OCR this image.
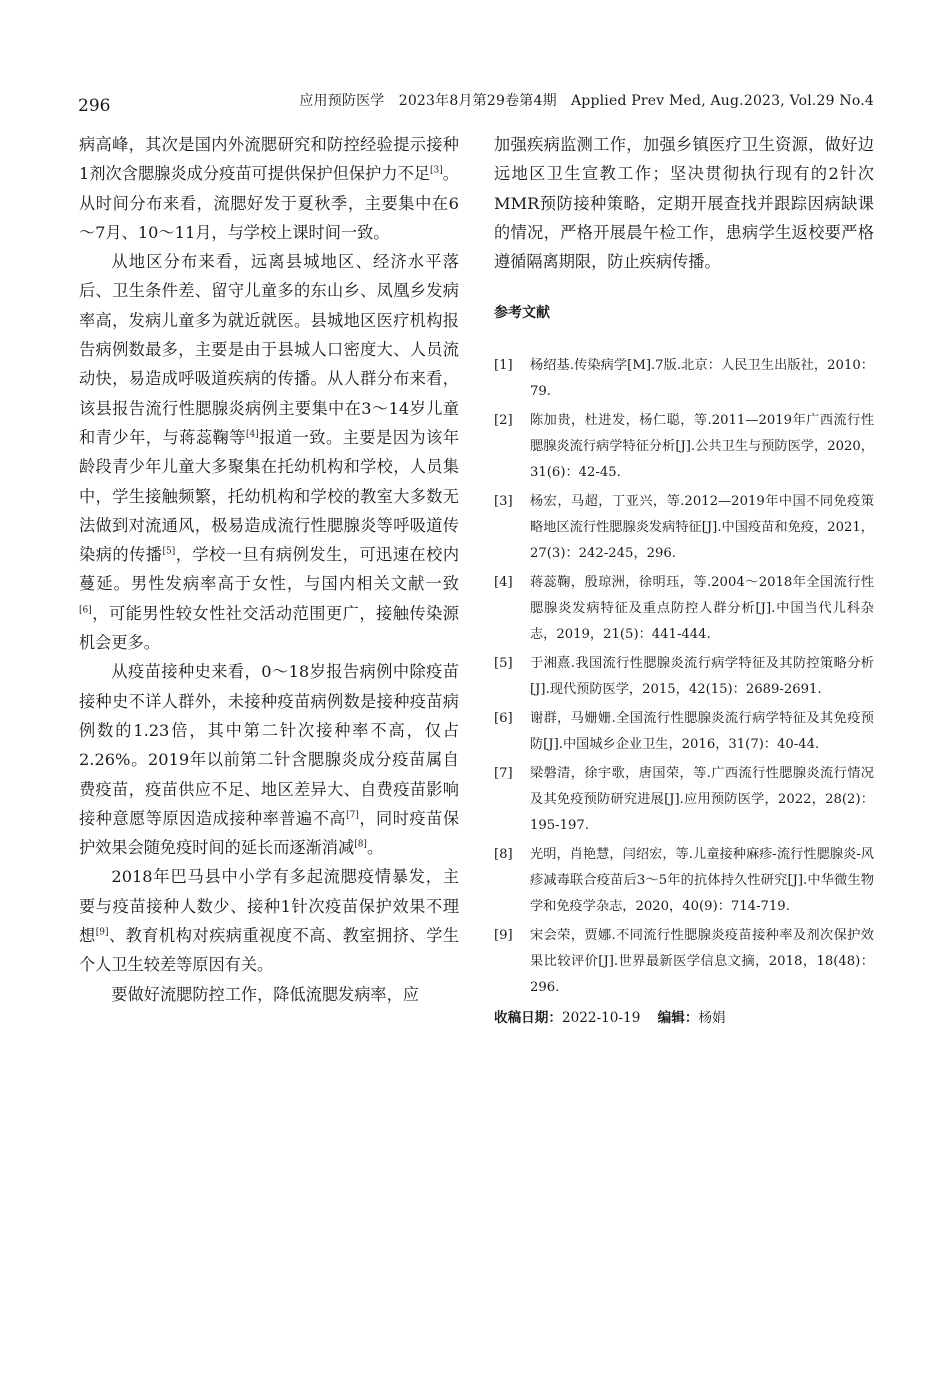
296	应用预防医学　2023年8月第29卷第4期　Applied Prev Med, Aug.2023, Vol.29 No.4

病高峰，其次是国内外流腮研究和防控经验提示接种1剂次含腮腺炎成分疫苗可提供保护但保护力不足[3]。从时间分布来看，流腮好发于夏秋季，主要集中在6～7月、10～11月，与学校上课时间一致。

从地区分布来看，远离县城地区、经济水平落后、卫生条件差、留守儿童多的东山乡、凤凰乡发病率高，发病儿童多为就近就医。县城地区医疗机构报告病例数最多，主要是由于县城人口密度大、人员流动快，易造成呼吸道疾病的传播。从人群分布来看，该县报告流行性腮腺炎病例主要集中在3～14岁儿童和青少年，与蒋蕊鞠等[4]报道一致。主要是因为该年龄段青少年儿童大多聚集在托幼机构和学校，人员集中，学生接触频繁，托幼机构和学校的教室大多数无法做到对流通风，极易造成流行性腮腺炎等呼吸道传染病的传播[5]，学校一旦有病例发生，可迅速在校内蔓延。男性发病率高于女性，与国内相关文献一致[6]，可能男性较女性社交活动范围更广，接触传染源机会更多。

从疫苗接种史来看，0～18岁报告病例中除疫苗接种史不详人群外，未接种疫苗病例数是接种疫苗病例数的1.23倍，其中第二针次接种率不高，仅占2.26%。2019年以前第二针含腮腺炎成分疫苗属自费疫苗，疫苗供应不足、地区差异大、自费疫苗影响接种意愿等原因造成接种率普遍不高[7]，同时疫苗保护效果会随免疫时间的延长而逐渐消减[8]。

2018年巴马县中小学有多起流腮疫情暴发，主要与疫苗接种人数少、接种1针次疫苗保护效果不理想[9]、教育机构对疾病重视度不高、教室拥挤、学生个人卫生较差等原因有关。

要做好流腮防控工作，降低流腮发病率，应

加强疾病监测工作，加强乡镇医疗卫生资源，做好边远地区卫生宣教工作；坚决贯彻执行现有的2针次MMR预防接种策略，定期开展查找并跟踪因病缺课的情况，严格开展晨午检工作，患病学生返校要严格遵循隔离期限，防止疾病传播。

参考文献
[1]	杨绍基.传染病学[M].7版.北京：人民卫生出版社，2010：79.
[2]	陈加贵，杜进发，杨仁聪，等.2011—2019年广西流行性腮腺炎流行病学特征分析[J].公共卫生与预防医学，2020，31(6)：42-45.
[3]	杨宏，马超，丁亚兴，等.2012—2019年中国不同免疫策略地区流行性腮腺炎发病特征[J].中国疫苗和免疫，2021，27(3)：242-245，296.
[4]	蒋蕊鞠，殷琼洲，徐明珏，等.2004～2018年全国流行性腮腺炎发病特征及重点防控人群分析[J].中国当代儿科杂志，2019，21(5)：441-444.
[5]	于湘熹.我国流行性腮腺炎流行病学特征及其防控策略分析[J].现代预防医学，2015，42(15)：2689-2691.
[6]	谢群，马姗姗.全国流行性腮腺炎流行病学特征及其免疫预防[J].中国城乡企业卫生，2016，31(7)：40-44.
[7]	梁磐清，徐宇歌，唐国荣，等.广西流行性腮腺炎流行情况及其免疫预防研究进展[J].应用预防医学，2022，28(2)：195-197.
[8]	光明，肖艳慧，闫绍宏，等.儿童接种麻疹-流行性腮腺炎-风疹减毒联合疫苗后3～5年的抗体持久性研究[J].中华微生物学和免疫学杂志，2020，40(9)：714-719.
[9]	宋会荣，贾娜.不同流行性腮腺炎疫苗接种率及剂次保护效果比较评价[J].世界最新医学信息文摘，2018，18(48)：296.
收稿日期：2022-10-19 编辑：杨娟
